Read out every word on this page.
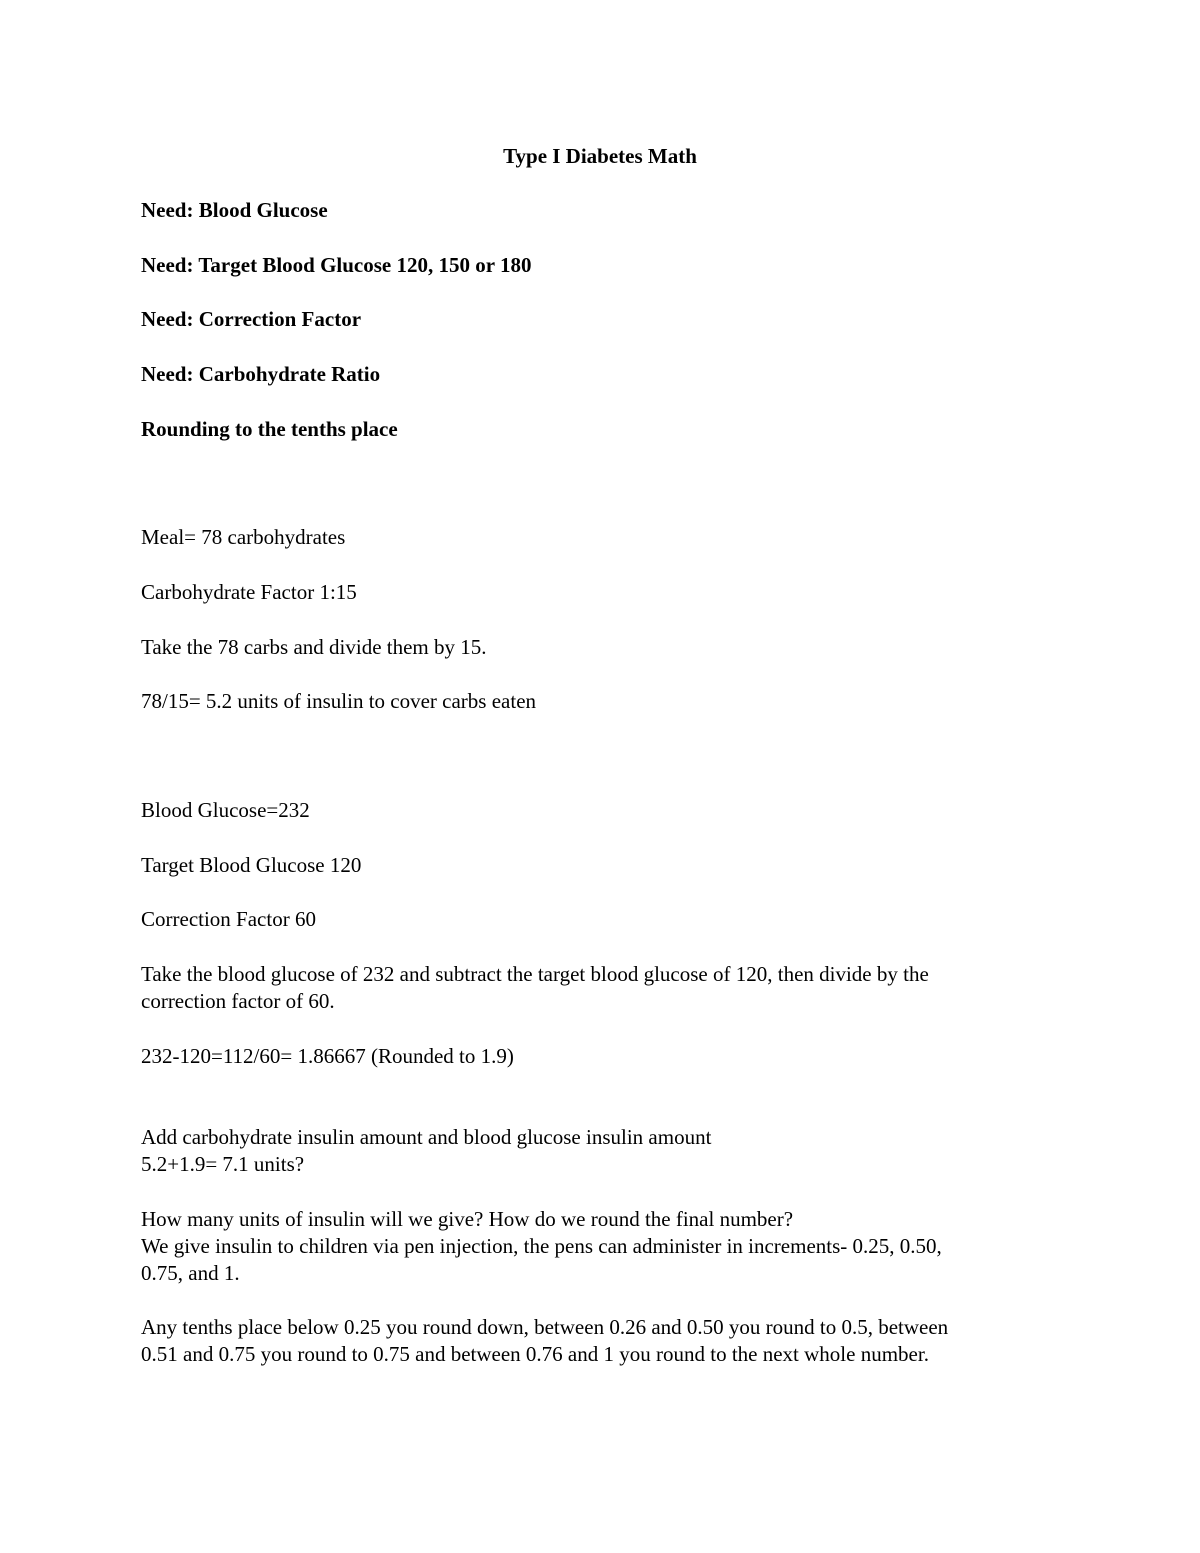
Type I Diabetes Math
Need: Blood Glucose
Need: Target Blood Glucose 120, 150 or 180
Need: Correction Factor
Need: Carbohydrate Ratio
Rounding to the tenths place
Meal= 78 carbohydrates
Carbohydrate Factor 1:15
Take the 78 carbs and divide them by 15.
78/15= 5.2 units of insulin to cover carbs eaten
Blood Glucose=232
Target Blood Glucose 120
Correction Factor 60
Take the blood glucose of 232 and subtract the target blood glucose of 120, then divide by the
correction factor of 60.
232-120=112/60= 1.86667 (Rounded to 1.9)
Add carbohydrate insulin amount and blood glucose insulin amount
5.2+1.9= 7.1 units?
How many units of insulin will we give? How do we round the final number?
We give insulin to children via pen injection, the pens can administer in increments- 0.25, 0.50,
0.75, and 1.
Any tenths place below 0.25 you round down, between 0.26 and 0.50 you round to 0.5, between
0.51 and 0.75 you round to 0.75 and between 0.76 and 1 you round to the next whole number.
